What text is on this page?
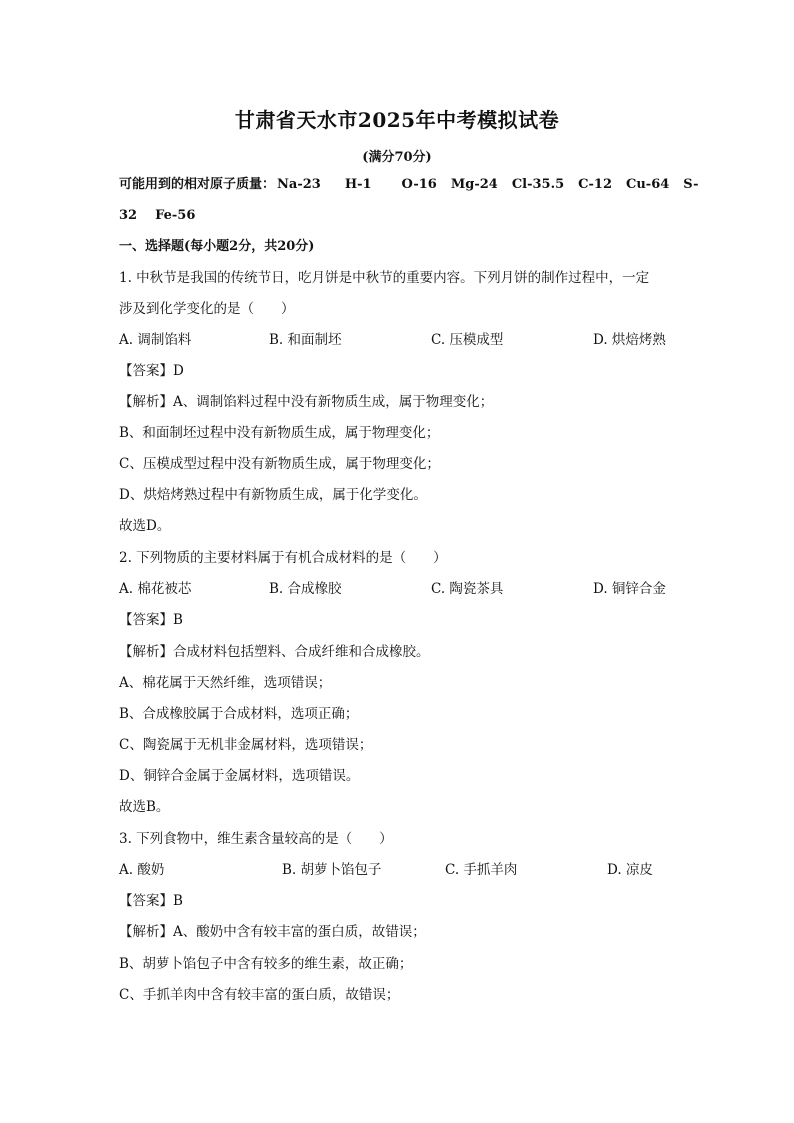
甘肃省天水市2025年中考模拟试卷
(满分70分)
可能用到的相对原子质量： Na-23 H-1 O-16 Mg-24 Cl-35.5 C-12 Cu-64 S-
32 Fe-56
一、选择题(每小题2分，共20分)
1. 中秋节是我国的传统节日，吃月饼是中秋节的重要内容。下列月饼的制作过程中，一定
涉及到化学变化的是（　　）
A. 调制馅料	B. 和面制坯	C. 压模成型	D. 烘焙烤熟
【答案】D
【解析】A、调制馅料过程中没有新物质生成，属于物理变化；
B、和面制坯过程中没有新物质生成，属于物理变化；
C、压模成型过程中没有新物质生成，属于物理变化；
D、烘焙烤熟过程中有新物质生成，属于化学变化。
故选D。
2. 下列物质的主要材料属于有机合成材料的是（　　）
A. 棉花被芯	B. 合成橡胶	C. 陶瓷茶具	D. 铜锌合金
【答案】B
【解析】合成材料包括塑料、合成纤维和合成橡胶。
A、棉花属于天然纤维，选项错误；
B、合成橡胶属于合成材料，选项正确；
C、陶瓷属于无机非金属材料，选项错误；
D、铜锌合金属于金属材料，选项错误。
故选B。
3. 下列食物中，维生素含量较高的是（　　）
A. 酸奶	B. 胡萝卜馅包子	C. 手抓羊肉	D. 凉皮
【答案】B
【解析】A、酸奶中含有较丰富的蛋白质，故错误；
B、胡萝卜馅包子中含有较多的维生素，故正确；
C、手抓羊肉中含有较丰富的蛋白质，故错误；
